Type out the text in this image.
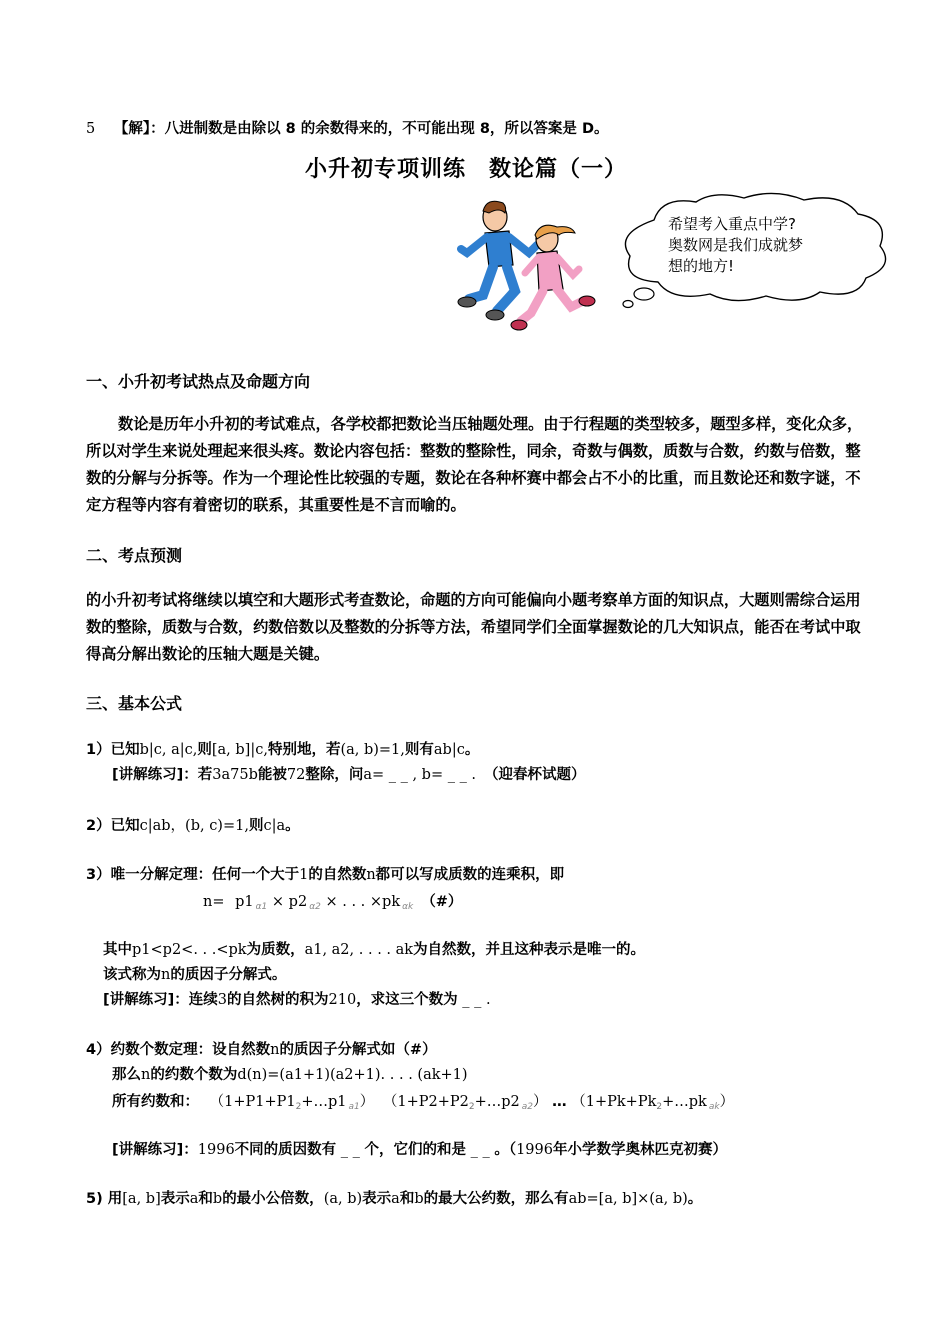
5 【解】：八进制数是由除以 8 的余数得来的，不可能出现 8，所以答案是 D。
小升初专项训练　数论篇（一）
希望考入重点中学?
奥数网是我们成就梦
想的地方!
一、小升初考试热点及命题方向
数论是历年小升初的考试难点，各学校都把数论当压轴题处理。由于行程题的类型较多，题型多样，变化众多，所以对学生来说处理起来很头疼。数论内容包括：整数的整除性，同余，奇数与偶数，质数与合数，约数与倍数，整数的分解与分拆等。作为一个理论性比较强的专题，数论在各种杯赛中都会占不小的比重，而且数论还和数字谜，不定方程等内容有着密切的联系，其重要性是不言而喻的。
二、考点预测
的小升初考试将继续以填空和大题形式考查数论，命题的方向可能偏向小题考察单方面的知识点，大题则需综合运用数的整除，质数与合数，约数倍数以及整数的分拆等方法，希望同学们全面掌握数论的几大知识点，能否在考试中取得高分解出数论的压轴大题是关键。
三、基本公式
1）已知b|c, a|c,则[a, b]|c,特别地，若(a, b)=1,则有ab|c。
[讲解练习]：若3a75b能被72整除，问a= _ _ , b= _ _ . （迎春杯试题）
2）已知c|ab，(b, c)=1,则c|a。
3）唯一分解定理：任何一个大于1的自然数n都可以写成质数的连乘积，即
n= p1 $_{\alpha 1}$ × p2 $_{\alpha 2}$ × . . . ×pk $_{\alpha k}$ （#）
其中p1<p2<. . .<pk为质数，a1, a2, . . . . ak为自然数，并且这种表示是唯一的。
该式称为n的质因子分解式。
[讲解练习]：连续3的自然树的积为210，求这三个数为 _ _ .
4）约数个数定理：设自然数n的质因子分解式如（#）
那么n的约数个数为d(n)=(a1+1)(a2+1). . . . (ak+1)
所有约数和： （$1+P1+P1_2+\dots p1$ $_{a1}$） （$1+P2+P2_2+\dots p2$ $_{a2}$） … （$1+Pk+Pk_2+\dots pk$ $_{ak}$）
[讲解练习]：1996不同的质因数有 _ _ 个，它们的和是 _ _ 。（1996年小学数学奥林匹克初赛）
5) 用[a, b]表示a和b的最小公倍数，(a, b)表示a和b的最大公约数，那么有ab=[a, b]×(a, b)。
